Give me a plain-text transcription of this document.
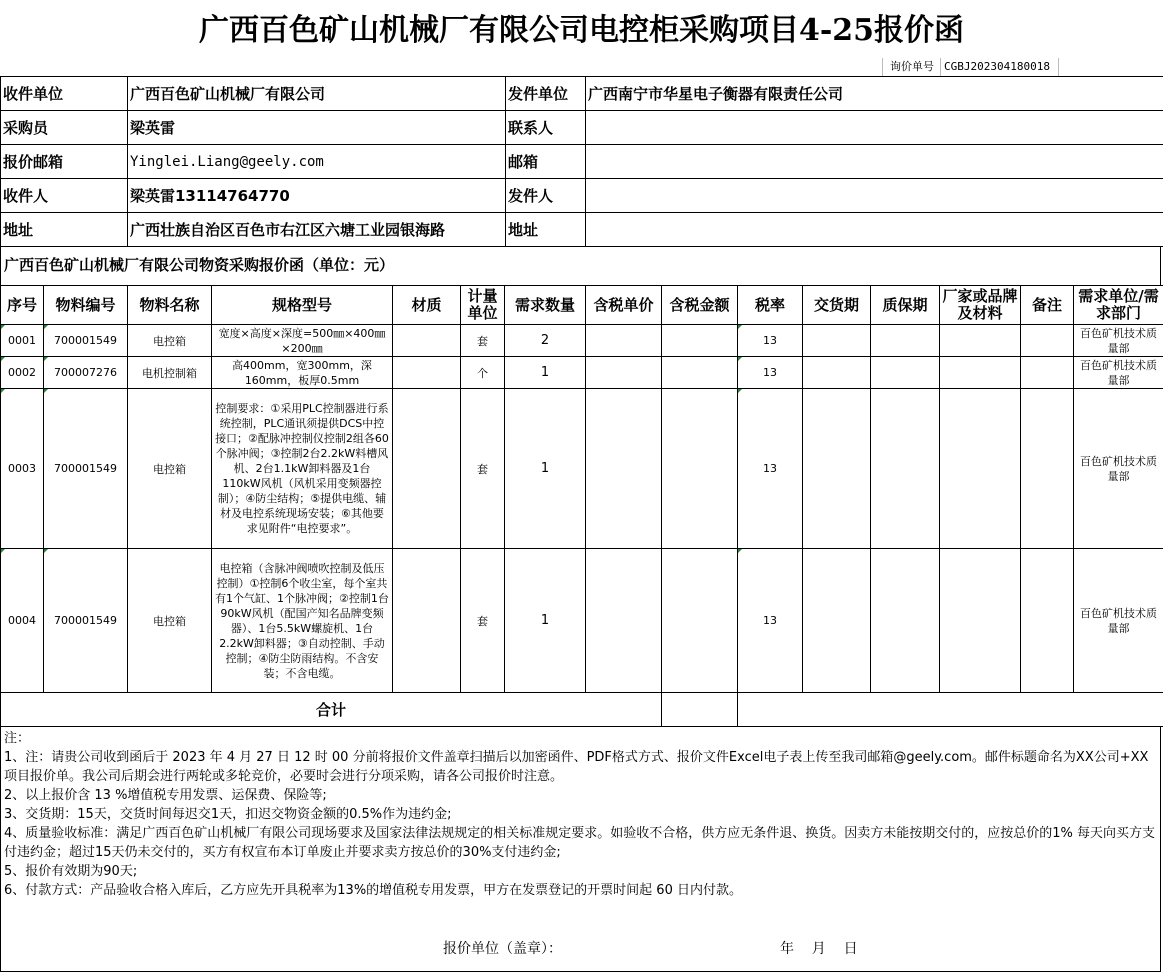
广西百色矿山机械厂有限公司电控柜采购项目4-25报价函
询价单号 CGBJ202304180018
收件单位	广西百色矿山机械厂有限公司	发件单位	广西南宁市华星电子衡器有限责任公司
采购员	梁英雷	联系人	
报价邮箱	Yinglei.Liang@geely.com	邮箱	
收件人	梁英雷13114764770	发件人	
地址	广西壮族自治区百色市右江区六塘工业园银海路	地址	
广西百色矿山机械厂有限公司物资采购报价函（单位：元）
序号	物料编号	物料名称	规格型号	材质	计量单位	需求数量	含税单价	含税金额	税率	交货期	质保期	厂家或品牌及材料	备注	需求单位/需求部门
0001	700001549	电控箱	宽度×高度×深度=500㎜×400㎜×200㎜		套	2			13					百色矿机技术质量部
0002	700007276	电机控制箱	高400mm，宽300mm，深160mm，板厚0.5mm		个	1			13					百色矿机技术质量部
0003	700001549	电控箱	控制要求：①采用PLC控制器进行系统控制，PLC通讯须提供DCS中控接口；②配脉冲控制仪控制2组各60个脉冲阀；③控制2台2.2kW料槽风机、2台1.1kW卸料器及1台110kW风机（风机采用变频器控制）；④防尘结构；⑤提供电缆、辅材及电控系统现场安装；⑥其他要求见附件“电控要求”。		套	1			13					百色矿机技术质量部
0004	700001549	电控箱	电控箱（含脉冲阀喷吹控制及低压控制）①控制6个收尘室，每个室共有1个气缸、1个脉冲阀；②控制1台90kW风机（配国产知名品牌变频器）、1台5.5kW螺旋机、1台2.2kW卸料器；③自动控制、手动控制；④防尘防雨结构。不含安装；不含电缆。		套	1			13					百色矿机技术质量部
合计														

注：

1、注：请贵公司收到函后于 2023 年 4 月 27 日 12 时 00 分前将报价文件盖章扫描后以加密函件、PDF格式方式、报价文件Excel电子表上传至我司邮箱@geely.com。邮件标题命名为XX公司+XX项目报价单。我公司后期会进行两轮或多轮竞价，必要时会进行分项采购，请各公司报价时注意。

2、以上报价含 13 %增值税专用发票、运保费、保险等;

3、交货期：15天，交货时间每迟交1天，扣迟交物资金额的0.5%作为违约金;

4、质量验收标准：满足广西百色矿山机械厂有限公司现场要求及国家法律法规规定的相关标准规定要求。如验收不合格，供方应无条件退、换货。因卖方未能按期交付的，应按总价的1% 每天向买方支付违约金；超过15天仍未交付的，买方有权宣布本订单废止并要求卖方按总价的30%支付违约金;

5、报价有效期为90天;

6、付款方式：产品验收合格入库后，乙方应先开具税率为13%的增值税专用发票，甲方在发票登记的开票时间起 60 日内付款。

报价单位（盖章）：	年    月    日
